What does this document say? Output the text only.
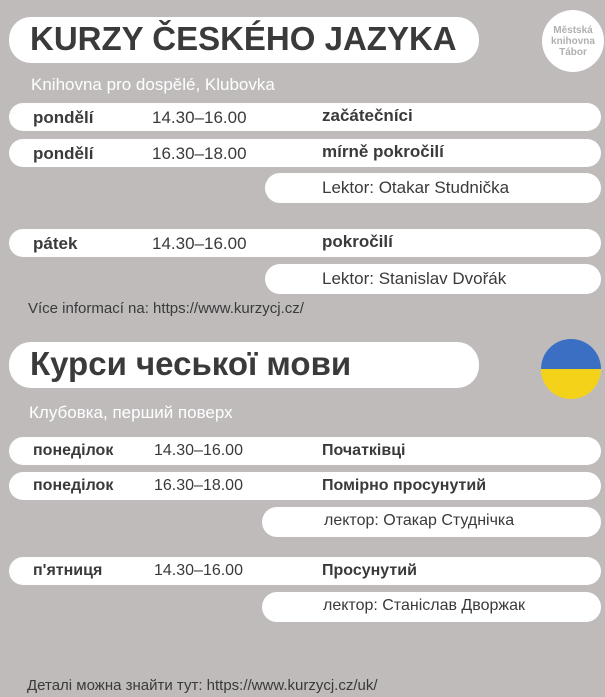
KURZY ČESKÉHO JAZYKA	Městská knihovna Tábor
Knihovna pro dospělé, Klubovka
pondělí	14.30–16.00	začátečníci
pondělí	16.30–18.00	mírně pokročilí
Lektor: Otakar Studnička
pátek	14.30–16.00	pokročilí
Lektor: Stanislav Dvořák
Více informací na: https://www.kurzycj.cz/
Курси чеської мови
Клубовка, перший поверх
понеділок	14.30–16.00	Початківці
понеділок	16.30–18.00	Помірно просунутий
лектор: Отакар Студнічка
п'ятниця	14.30–16.00	Просунутий
лектор: Станіслав Дворжак
Деталі можна знайти тут: https://www.kurzycj.cz/uk/
